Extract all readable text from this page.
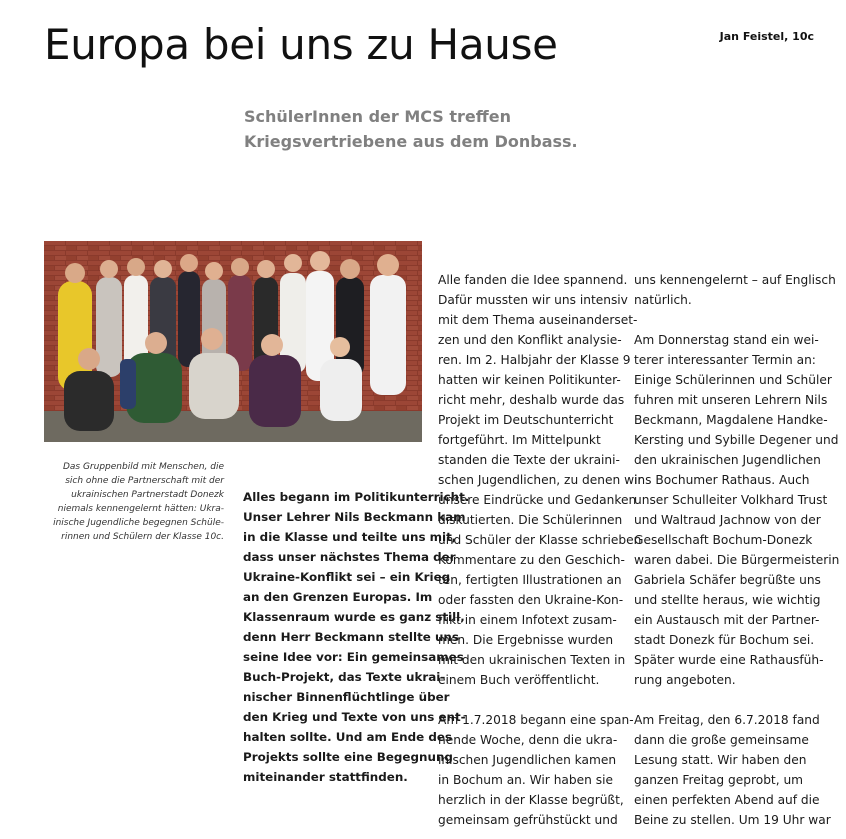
Europa bei uns zu Hause	Jan Feistel, 10c
SchülerInnen der MCS treffen
Kriegsvertriebene aus dem Donbass.
Das Gruppenbild mit Menschen, die
sich ohne die Partnerschaft mit der
ukrainischen Partnerstadt Donezk
niemals kennengelernt hätten: Ukra-
inische Jugendliche begegnen Schüle-
rinnen und Schülern der Klasse 10c.
Alles begann im Politikunterricht.
Unser Lehrer Nils Beckmann kam
in die Klasse und teilte uns mit,
dass unser nächstes Thema der
Ukraine-Konflikt sei – ein Krieg
an den Grenzen Europas. Im
Klassenraum wurde es ganz still,
denn Herr Beckmann stellte uns
seine Idee vor: Ein gemeinsames
Buch-Projekt, das Texte ukrai-
nischer Binnenflüchtlinge über
den Krieg und Texte von uns ent-
halten sollte. Und am Ende des
Projekts sollte eine Begegnung
miteinander stattfinden.
Alle fanden die Idee spannend.
Dafür mussten wir uns intensiv
mit dem Thema auseinanderset-
zen und den Konflikt analysie-
ren. Im 2. Halbjahr der Klasse 9
hatten wir keinen Politikunter-
richt mehr, deshalb wurde das
Projekt im Deutschunterricht
fortgeführt. Im Mittelpunkt
standen die Texte der ukraini-
schen Jugendlichen, zu denen wir
unsere Eindrücke und Gedanken
diskutierten. Die Schülerinnen
und Schüler der Klasse schrieben
Kommentare zu den Geschich-
ten, fertigten Illustrationen an
oder fassten den Ukraine-Kon-
flikt in einem Infotext zusam-
men. Die Ergebnisse wurden
mit den ukrainischen Texten in
einem Buch veröffentlicht.
Am 1.7.2018 begann eine span-
nende Woche, denn die ukra-
inischen Jugendlichen kamen
in Bochum an. Wir haben sie
herzlich in der Klasse begrüßt,
gemeinsam gefrühstückt und
uns kennengelernt – auf Englisch
natürlich.
Am Donnerstag stand ein wei-
terer interessanter Termin an:
Einige Schülerinnen und Schüler
fuhren mit unseren Lehrern Nils
Beckmann, Magdalene Handke-
Kersting und Sybille Degener und
den ukrainischen Jugendlichen
ins Bochumer Rathaus. Auch
unser Schulleiter Volkhard Trust
und Waltraud Jachnow von der
Gesellschaft Bochum-Donezk
waren dabei. Die Bürgermeisterin
Gabriela Schäfer begrüßte uns
und stellte heraus, wie wichtig
ein Austausch mit der Partner-
stadt Donezk für Bochum sei.
Später wurde eine Rathausfüh-
rung angeboten.
Am Freitag, den 6.7.2018 fand
dann die große gemeinsame
Lesung statt. Wir haben den
ganzen Freitag geprobt, um
einen perfekten Abend auf die
Beine zu stellen. Um 19 Uhr war
